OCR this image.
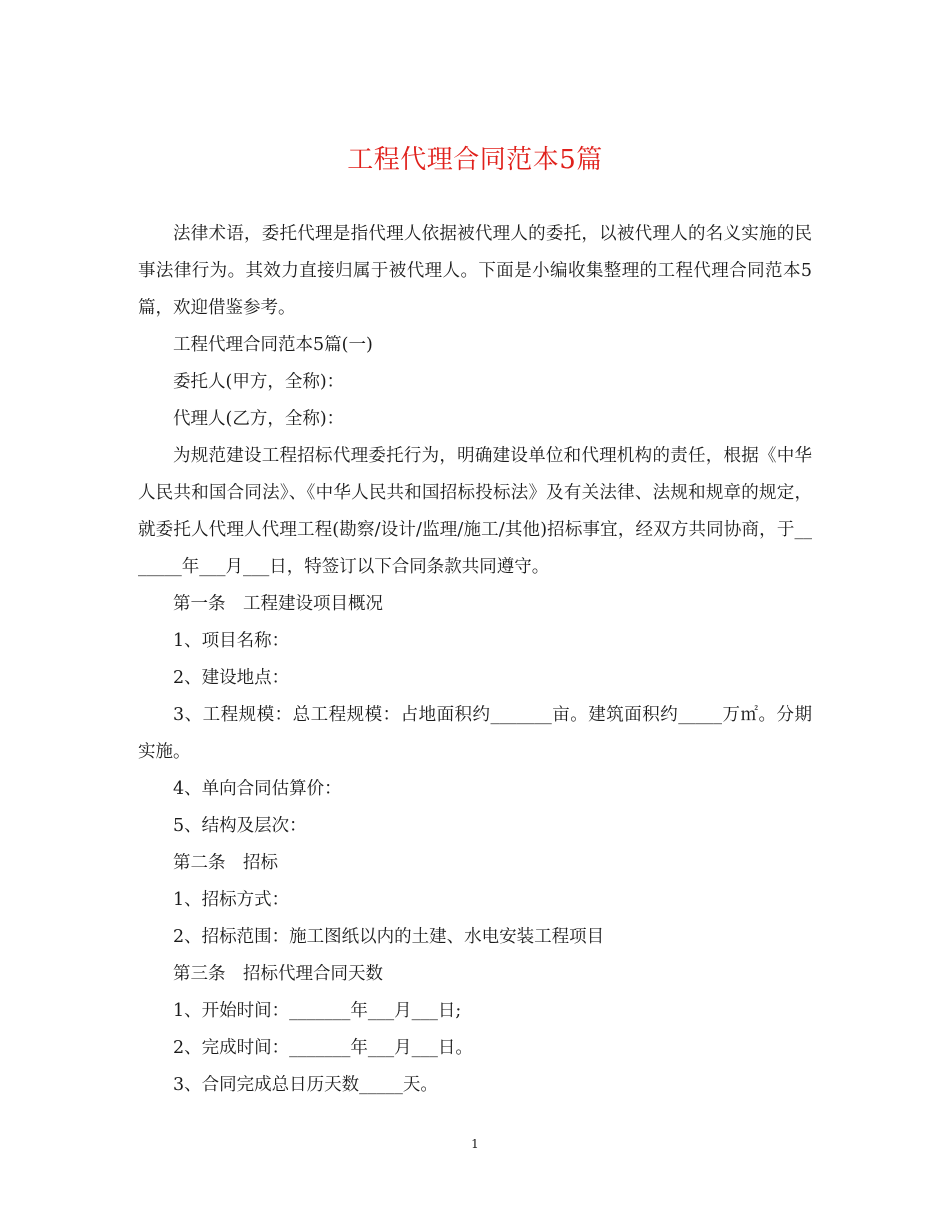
工程代理合同范本5篇

法律术语，委托代理是指代理人依据被代理人的委托，以被代理人的名义实施的民事法律行为。其效力直接归属于被代理人。下面是小编收集整理的工程代理合同范本5篇，欢迎借鉴参考。

工程代理合同范本5篇(一)

委托人(甲方，全称)：

代理人(乙方，全称)：

为规范建设工程招标代理委托行为，明确建设单位和代理机构的责任，根据《中华人民共和国合同法》、《中华人民共和国招标投标法》及有关法律、法规和规章的规定，就委托人代理人代理工程(勘察/设计/监理/施工/其他)招标事宜，经双方共同协商，于_______年___月___日，特签订以下合同条款共同遵守。

第一条　工程建设项目概况

1、项目名称：

2、建设地点：

3、工程规模：总工程规模：占地面积约_______亩。建筑面积约_____万㎡。分期实施。

4、单向合同估算价：

5、结构及层次：

第二条　招标

1、招标方式：

2、招标范围：施工图纸以内的土建、水电安装工程项目

第三条　招标代理合同天数

1、开始时间：_______年___月___日;

2、完成时间：_______年___月___日。

3、合同完成总日历天数_____天。

1
